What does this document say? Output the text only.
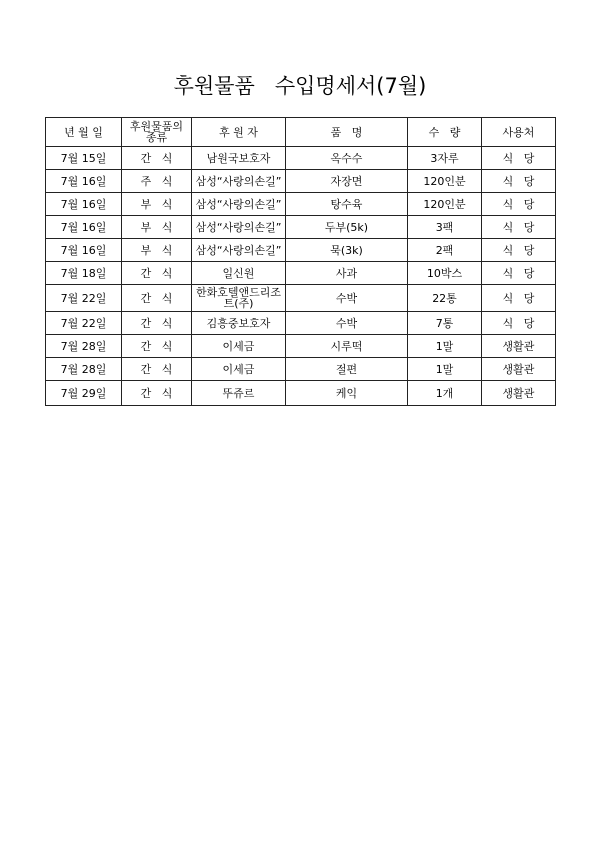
후원물품   수입명세서(7월)
년 월 일	후원물품의 종류	후 원 자	품   명	수   량	사용처
7월 15일	간   식	남원국보호자	옥수수	3자루	식   당
7월 16일	주   식	삼성“사랑의손길”	자장면	120인분	식   당
7월 16일	부   식	삼성“사랑의손길”	탕수육	120인분	식   당
7월 16일	부   식	삼성“사랑의손길”	두부(5k)	3팩	식   당
7월 16일	부   식	삼성“사랑의손길”	묵(3k)	2팩	식   당
7월 18일	간   식	일신원	사과	10박스	식   당
7월 22일	간   식	한화호텔앤드리조트(주)	수박	22통	식   당
7월 22일	간   식	김흥중보호자	수박	7통	식   당
7월 28일	간   식	이세금	시루떡	1말	생활관
7월 28일	간   식	이세금	절편	1말	생활관
7월 29일	간   식	뚜쥬르	케익	1개	생활관
